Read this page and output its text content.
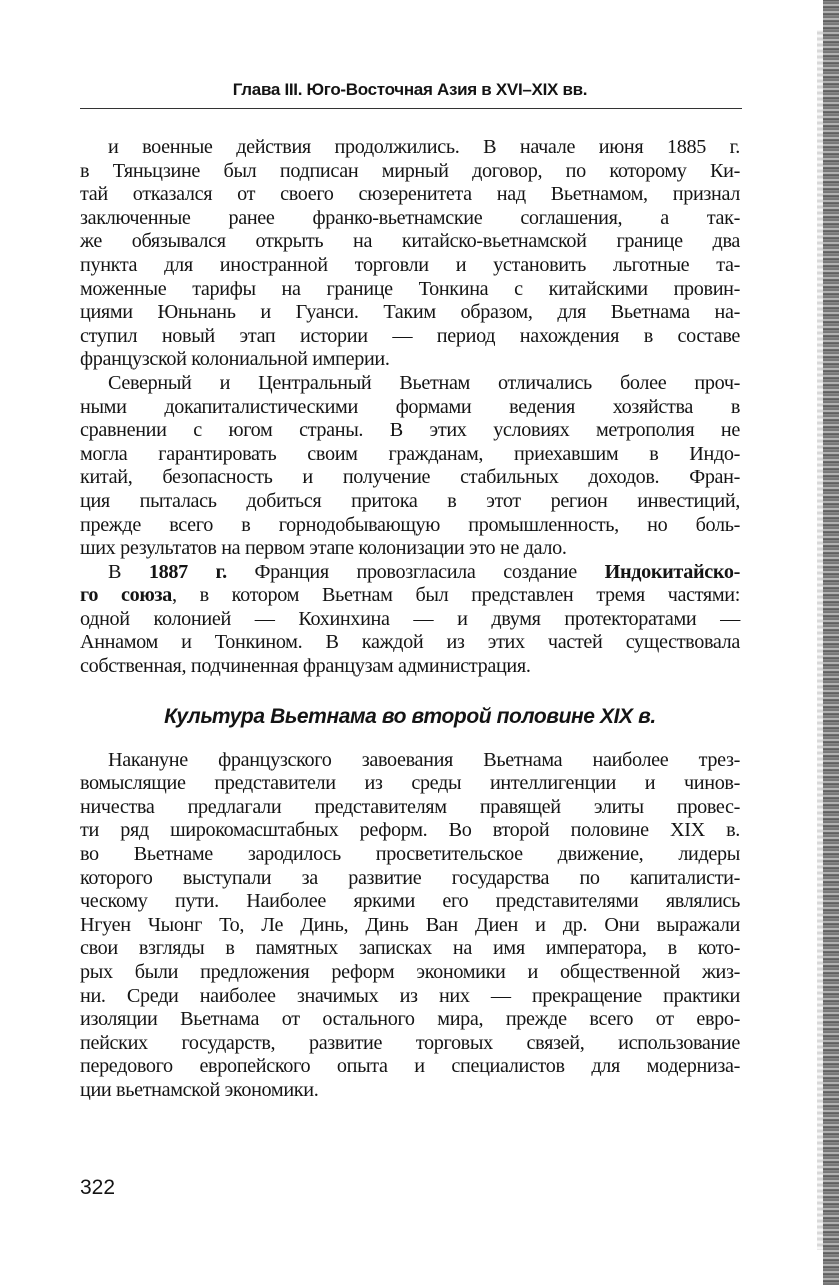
Глава III. Юго-Восточная Азия в XVI–XIX вв.
и военные действия продолжились. В начале июня 1885 г.
в Тяньцзине был подписан мирный договор, по которому Ки-
тай отказался от своего сюзеренитета над Вьетнамом, признал
заключенные ранее франко-вьетнамские соглашения, а так-
же обязывался открыть на китайско-вьетнамской границе два
пункта для иностранной торговли и установить льготные та-
моженные тарифы на границе Тонкина с китайскими провин-
циями Юньнань и Гуанси. Таким образом, для Вьетнама на-
ступил новый этап истории — период нахождения в составе
французской колониальной империи.
Северный и Центральный Вьетнам отличались более проч-
ными докапиталистическими формами ведения хозяйства в
сравнении с югом страны. В этих условиях метрополия не
могла гарантировать своим гражданам, приехавшим в Индо-
китай, безопасность и получение стабильных доходов. Фран-
ция пыталась добиться притока в этот регион инвестиций,
прежде всего в горнодобывающую промышленность, но боль-
ших результатов на первом этапе колонизации это не дало.
В 1887 г. Франция провозгласила создание Индокитайско-
го союза, в котором Вьетнам был представлен тремя частями:
одной колонией — Кохинхина — и двумя протекторатами —
Аннамом и Тонкином. В каждой из этих частей существовала
собственная, подчиненная французам администрация.
Культура Вьетнама во второй половине XIX в.
Накануне французского завоевания Вьетнама наиболее трез-
вомыслящие представители из среды интеллигенции и чинов-
ничества предлагали представителям правящей элиты провес-
ти ряд широкомасштабных реформ. Во второй половине XIX в.
во Вьетнаме зародилось просветительское движение, лидеры
которого выступали за развитие государства по капиталисти-
ческому пути. Наиболее яркими его представителями являлись
Нгуен Чыонг То, Ле Динь, Динь Ван Диен и др. Они выражали
свои взгляды в памятных записках на имя императора, в кото-
рых были предложения реформ экономики и общественной жиз-
ни. Среди наиболее значимых из них — прекращение практики
изоляции Вьетнама от остального мира, прежде всего от евро-
пейских государств, развитие торговых связей, использование
передового европейского опыта и специалистов для модерниза-
ции вьетнамской экономики.
322
